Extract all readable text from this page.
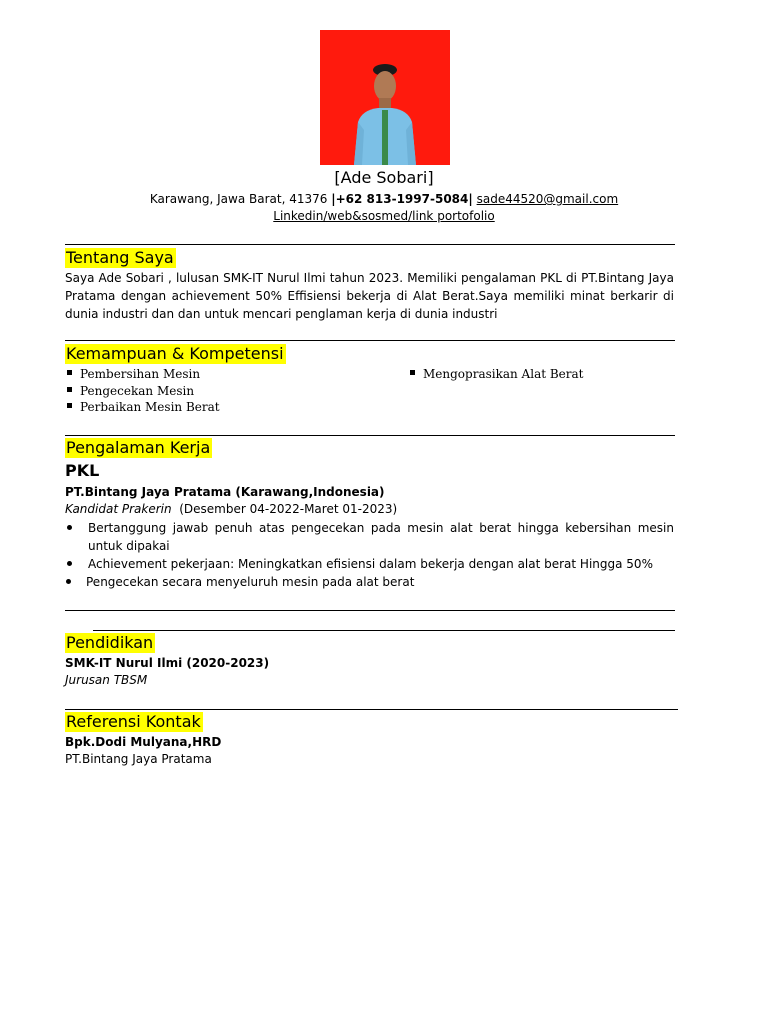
[Ade Sobari]
Karawang, Jawa Barat, 41376 |+62 813-1997-5084| sade44520@gmail.com
Linkedin/web&sosmed/link portofolio
Tentang Saya
Saya Ade Sobari , lulusan SMK-IT Nurul Ilmi tahun 2023. Memiliki pengalaman PKL di PT.Bintang Jaya Pratama dengan achievement 50% Effisiensi bekerja di Alat Berat.Saya memiliki minat berkarir di dunia industri dan dan untuk mencari penglaman kerja di dunia industri
Kemampuan & Kompetensi
Pembersihan Mesin
Pengecekan Mesin
Perbaikan Mesin Berat
Mengoprasikan Alat Berat
Pengalaman Kerja
PKL
PT.Bintang Jaya Pratama (Karawang,Indonesia)
Kandidat Prakerin (Desember 04-2022-Maret 01-2023)
Bertanggung jawab penuh atas pengecekan pada mesin alat berat hingga kebersihan mesin untuk dipakai
Achievement pekerjaan: Meningkatkan efisiensi dalam bekerja dengan alat berat Hingga 50%
Pengecekan secara menyeluruh mesin pada alat berat
Pendidikan
SMK-IT Nurul Ilmi (2020-2023)
Jurusan TBSM
Referensi Kontak
Bpk.Dodi Mulyana,HRD
PT.Bintang Jaya Pratama
